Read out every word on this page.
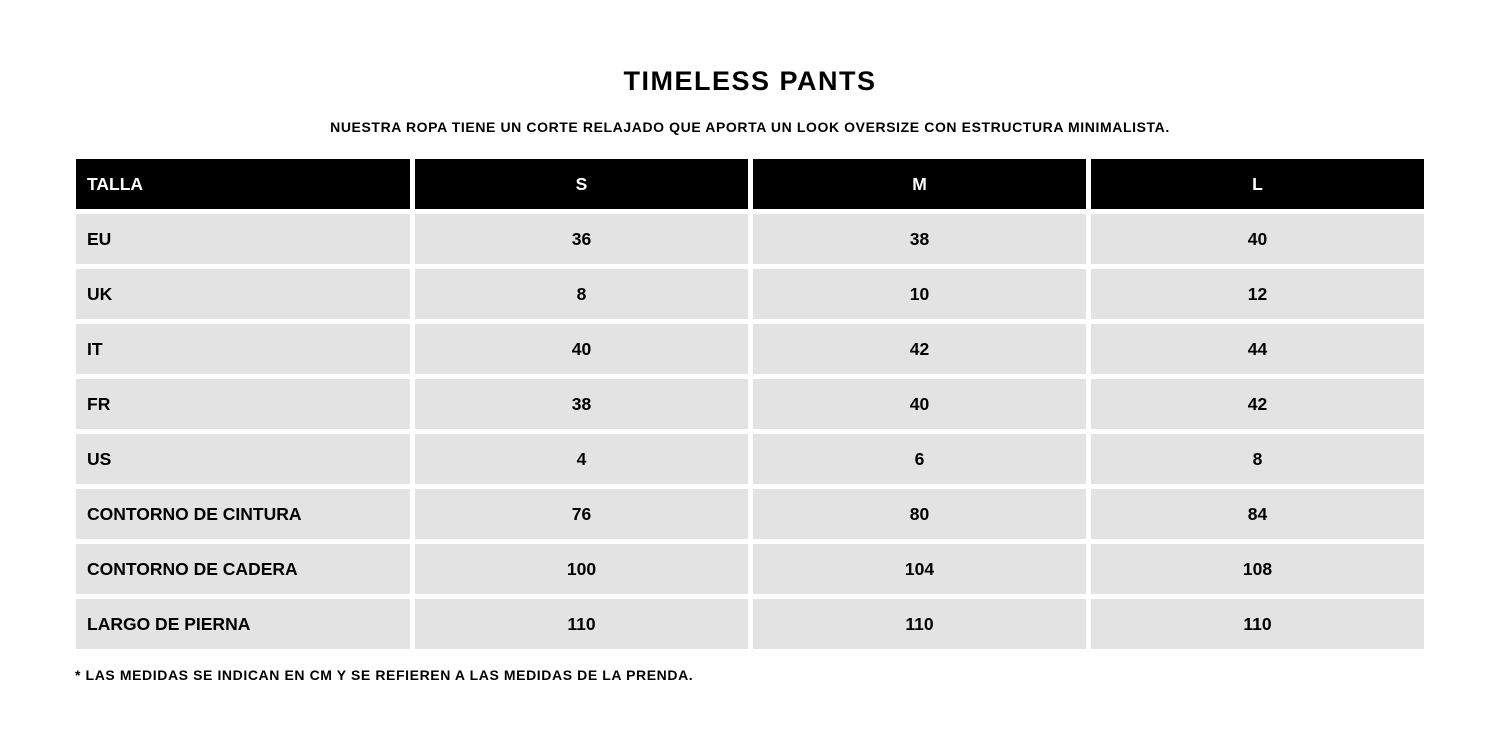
TIMELESS PANTS
NUESTRA ROPA TIENE UN CORTE RELAJADO QUE APORTA UN LOOK OVERSIZE CON ESTRUCTURA MINIMALISTA.
TALLA	S	M	L
EU	36	38	40
UK	8	10	12
IT	40	42	44
FR	38	40	42
US	4	6	8
CONTORNO DE CINTURA	76	80	84
CONTORNO DE CADERA	100	104	108
LARGO DE PIERNA	110	110	110
* LAS MEDIDAS SE INDICAN EN CM Y SE REFIEREN A LAS MEDIDAS DE LA PRENDA.
